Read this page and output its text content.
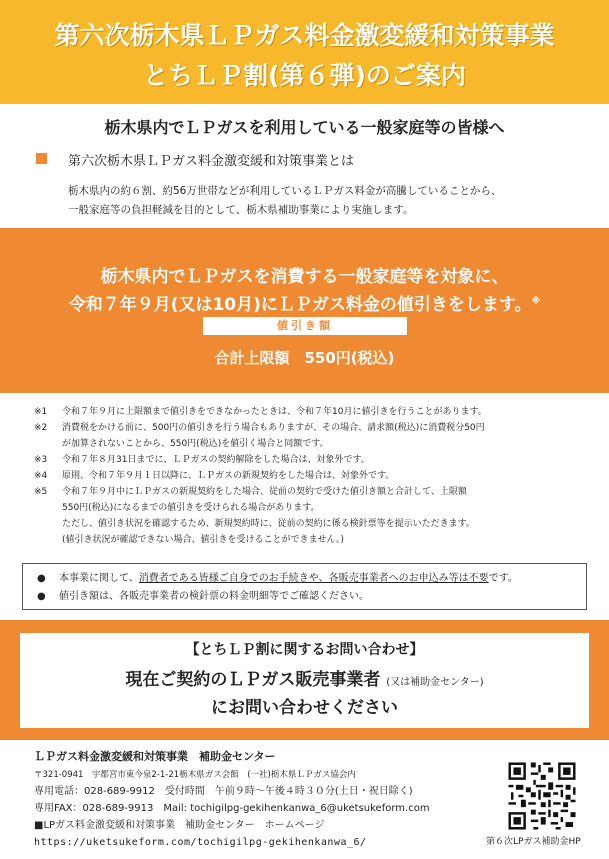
第六次栃木県ＬＰガス料金激変緩和対策事業
とちＬＰ割(第６弾)のご案内
栃木県内でＬＰガスを利用している一般家庭等の皆様へ
第六次栃木県ＬＰガス料金激変緩和対策事業とは
栃木県内の約６割、約56万世帯などが利用しているＬＰガス料金が高騰していることから、
一般家庭等の負担軽減を目的として、栃木県補助事業により実施します。
栃木県内でＬＰガスを消費する一般家庭等を対象に、
令和７年９月(又は10月)にＬＰガス料金の値引きをします。※
値引き額
合計上限額　550円(税込)
※1	令和７年９月に上限額まで値引きをできなかったときは、令和７年10月に値引きを行うことがあります。
※2	消費税をかける前に、500円の値引きを行う場合もありますが、その場合、請求額(税込)に消費税分50円
が加算されないことから、550円(税込)を値引く場合と同額です。
※3	令和７年８月31日までに、ＬＰガスの契約解除をした場合は、対象外です。
※4	原則、令和７年９月１日以降に、ＬＰガスの新規契約をした場合は、対象外です。
※5	令和７年９月中にＬＰガスの新規契約をした場合、従前の契約で受けた値引き額と合計して、上限額
550円(税込)になるまでの値引きを受けられる場合があります。
ただし、値引き状況を確認するため、新規契約時に、従前の契約に係る検針票等を提示いただきます。
(値引き状況が確認できない場合、値引きを受けることができません。)
●	本事業に関して、消費者である皆様ご自身でのお手続きや、各販売事業者へのお申込み等は不要です。
●	値引き額は、各販売事業者の検針票の料金明細等でご確認ください。
【とちＬＰ割に関するお問い合わせ】
現在ご契約のＬＰガス販売事業者 (又は補助金センター)
にお問い合わせください
ＬＰガス料金激変緩和対策事業　補助金センター
〒321-0941　宇都宮市東今泉2-1-21栃木県ガス会館　(一社)栃木県ＬＰガス協会内
専用電話：028-689-9912　受付時間　午前９時～午後４時３０分(土日・祝日除く)
専用FAX：028-689-9913　Mail: tochigilpg-gekihenkanwa_6@uketsukeform.com
■LPガス料金激変緩和対策事業　補助金センター　ホームページ
https://uketsukeform.com/tochigilpg-gekihenkanwa_6/	第６次LPガス補助金HP
